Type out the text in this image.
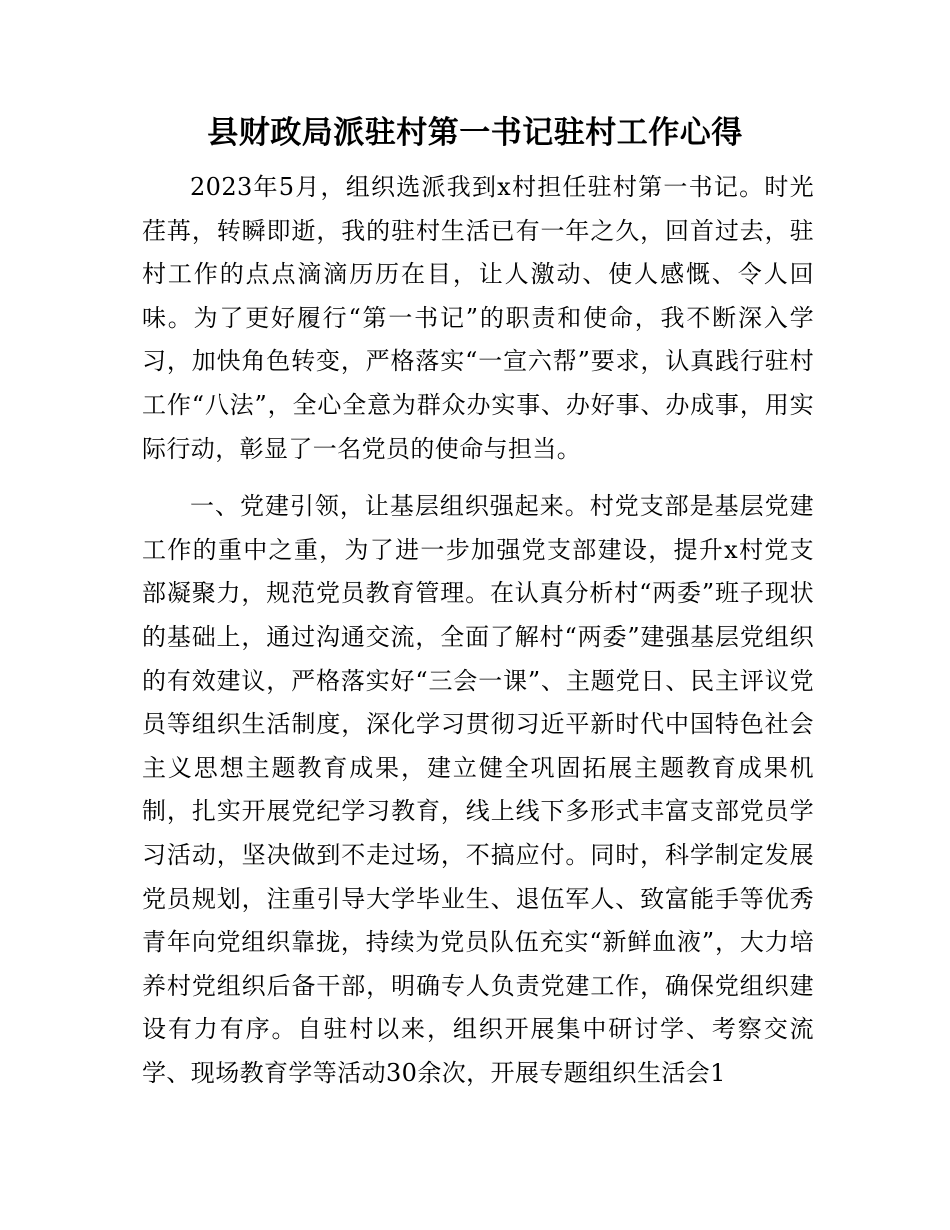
县财政局派驻村第一书记驻村工作心得

2023年5月，组织选派我到x村担任驻村第一书记。时光荏苒，转瞬即逝，我的驻村生活已有一年之久，回首过去，驻村工作的点点滴滴历历在目，让人激动、使人感慨、令人回味。为了更好履行“第一书记”的职责和使命，我不断深入学习，加快角色转变，严格落实“一宣六帮”要求，认真践行驻村工作“八法”，全心全意为群众办实事、办好事、办成事，用实际行动，彰显了一名党员的使命与担当。

一、党建引领，让基层组织强起来。村党支部是基层党建工作的重中之重，为了进一步加强党支部建设，提升x村党支部凝聚力，规范党员教育管理。在认真分析村“两委”班子现状的基础上，通过沟通交流，全面了解村“两委”建强基层党组织的有效建议，严格落实好“三会一课”、主题党日、民主评议党员等组织生活制度，深化学习贯彻习近平新时代中国特色社会主义思想主题教育成果，建立健全巩固拓展主题教育成果机制，扎实开展党纪学习教育，线上线下多形式丰富支部党员学习活动，坚决做到不走过场，不搞应付。同时，科学制定发展党员规划，注重引导大学毕业生、退伍军人、致富能手等优秀青年向党组织靠拢，持续为党员队伍充实“新鲜血液”，大力培养村党组织后备干部，明确专人负责党建工作，确保党组织建设有力有序。自驻村以来，组织开展集中研讨学、考察交流学、现场教育学等活动30余次，开展专题组织生活会1
